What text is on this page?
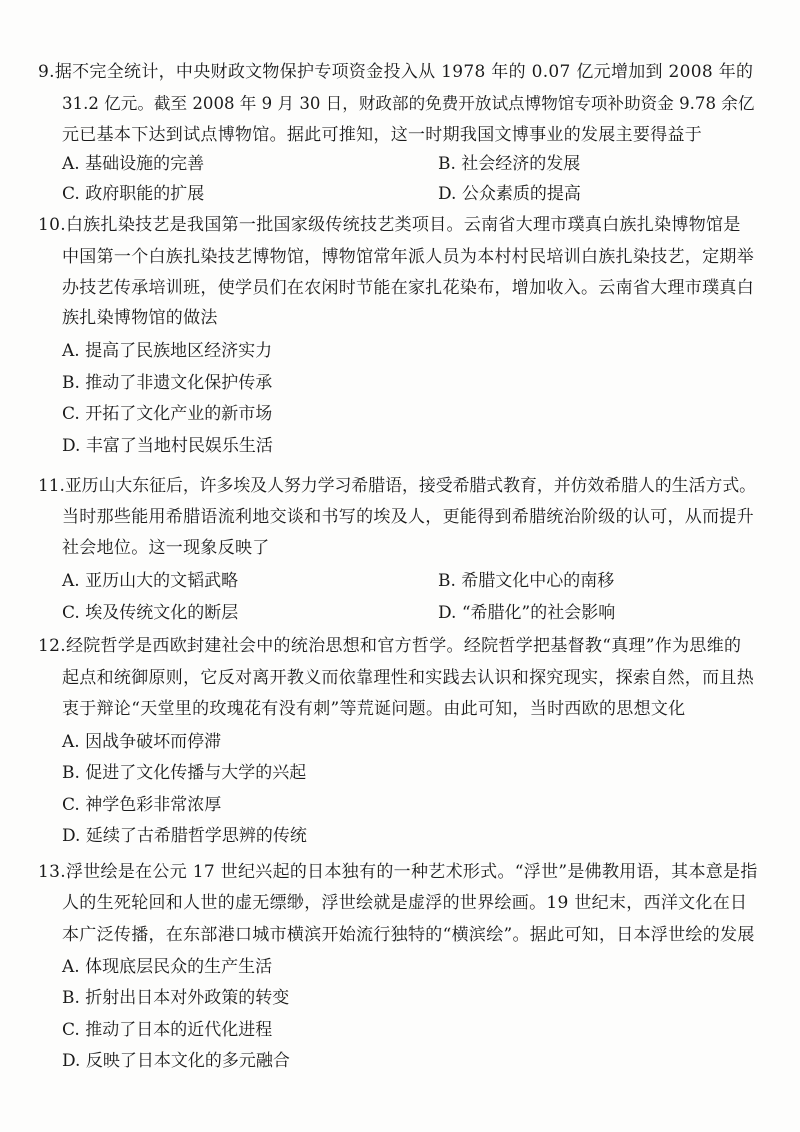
9.据不完全统计，中央财政文物保护专项资金投入从 1978 年的 0.07 亿元增加到 2008 年的
31.2 亿元。截至 2008 年 9 月 30 日，财政部的免费开放试点博物馆专项补助资金 9.78 余亿
元已基本下达到试点博物馆。据此可推知，这一时期我国文博事业的发展主要得益于
A. 基础设施的完善	B. 社会经济的发展
C. 政府职能的扩展	D. 公众素质的提高
10.白族扎染技艺是我国第一批国家级传统技艺类项目。云南省大理市璞真白族扎染博物馆是
中国第一个白族扎染技艺博物馆，博物馆常年派人员为本村村民培训白族扎染技艺，定期举
办技艺传承培训班，使学员们在农闲时节能在家扎花染布，增加收入。云南省大理市璞真白
族扎染博物馆的做法
A. 提高了民族地区经济实力
B. 推动了非遗文化保护传承
C. 开拓了文化产业的新市场
D. 丰富了当地村民娱乐生活
11.亚历山大东征后，许多埃及人努力学习希腊语，接受希腊式教育，并仿效希腊人的生活方式。
当时那些能用希腊语流利地交谈和书写的埃及人，更能得到希腊统治阶级的认可，从而提升
社会地位。这一现象反映了
A. 亚历山大的文韬武略	B. 希腊文化中心的南移
C. 埃及传统文化的断层	D. “希腊化”的社会影响
12.经院哲学是西欧封建社会中的统治思想和官方哲学。经院哲学把基督教“真理”作为思维的
起点和统御原则，它反对离开教义而依靠理性和实践去认识和探究现实，探索自然，而且热
衷于辩论“天堂里的玫瑰花有没有刺”等荒诞问题。由此可知，当时西欧的思想文化
A. 因战争破坏而停滞
B. 促进了文化传播与大学的兴起
C. 神学色彩非常浓厚
D. 延续了古希腊哲学思辨的传统
13.浮世绘是在公元 17 世纪兴起的日本独有的一种艺术形式。“浮世”是佛教用语，其本意是指
人的生死轮回和人世的虚无缥缈，浮世绘就是虚浮的世界绘画。19 世纪末，西洋文化在日
本广泛传播，在东部港口城市横滨开始流行独特的“横滨绘”。据此可知，日本浮世绘的发展
A. 体现底层民众的生产生活
B. 折射出日本对外政策的转变
C. 推动了日本的近代化进程
D. 反映了日本文化的多元融合
